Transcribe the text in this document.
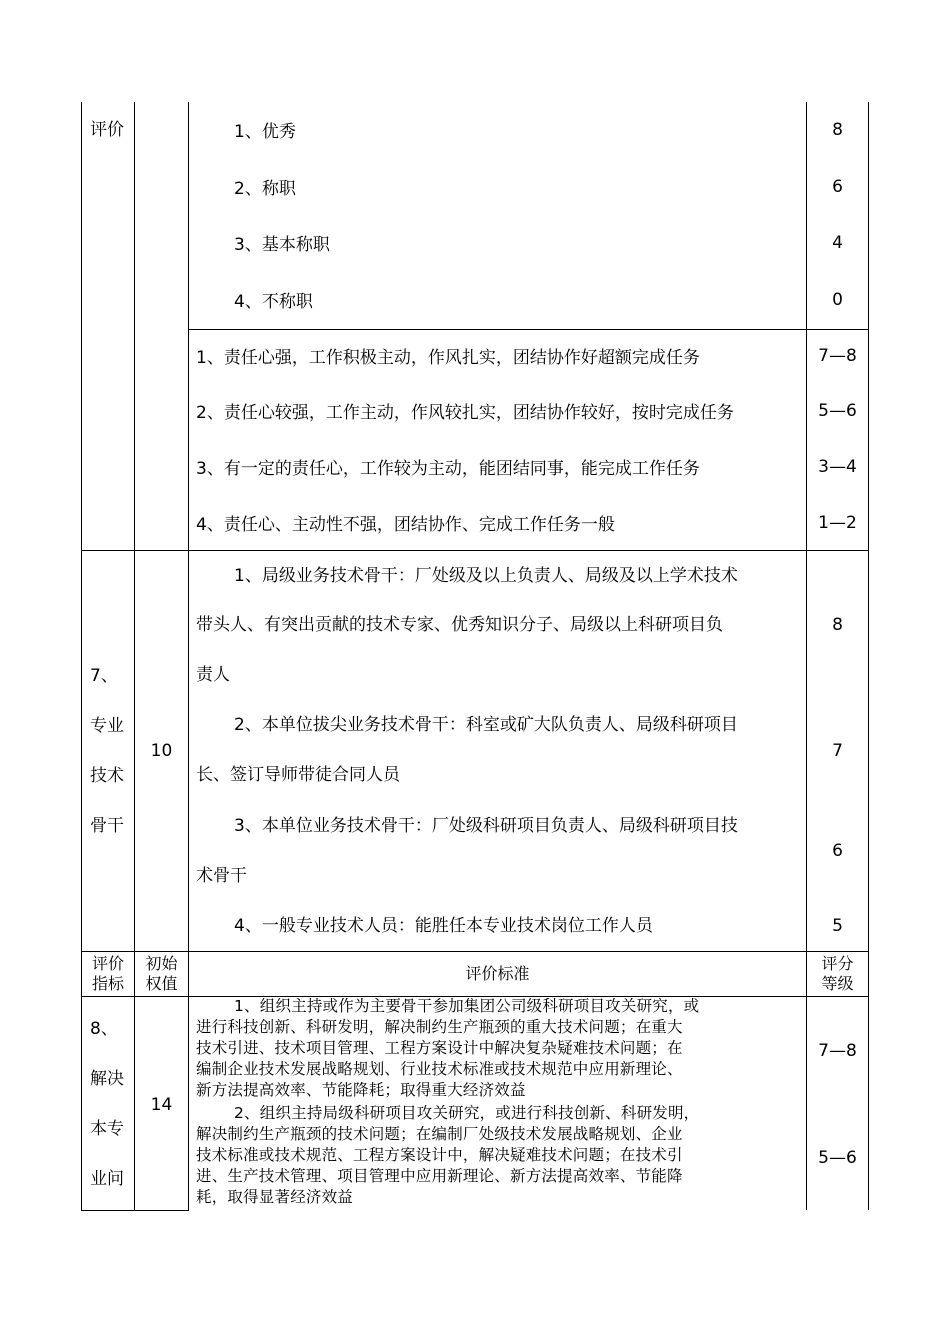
评价	1、优秀
2、称职
3、基本称职
4、不称职
8
6
4
0
1、责任心强，工作积极主动，作风扎实，团结协作好超额完成任务
2、责任心较强，工作主动，作风较扎实，团结协作较好，按时完成任务
3、有一定的责任心，工作较为主动，能团结同事，能完成工作任务
4、责任心、主动性不强，团结协作、完成工作任务一般
7—8
5—6
3—4
1—2
7、
专业
技术
骨干
10
1、局级业务技术骨干：厂处级及以上负责人、局级及以上学术技术
带头人、有突出贡献的技术专家、优秀知识分子、局级以上科研项目负
责人
2、本单位拔尖业务技术骨干：科室或矿大队负责人、局级科研项目
长、签订导师带徒合同人员
3、本单位业务技术骨干：厂处级科研项目负责人、局级科研项目技
术骨干
4、一般专业技术人员：能胜任本专业技术岗位工作人员
8
7
6
5
评价
指标
初始
权值
评价标准
评分
等级
8、
解决
本专
业问
14
1、组织主持或作为主要骨干参加集团公司级科研项目攻关研究，或
进行科技创新、科研发明，解决制约生产瓶颈的重大技术问题；在重大
技术引进、技术项目管理、工程方案设计中解决复杂疑难技术问题；在
编制企业技术发展战略规划、行业技术标准或技术规范中应用新理论、
新方法提高效率、节能降耗；取得重大经济效益
2、组织主持局级科研项目攻关研究，或进行科技创新、科研发明，
解决制约生产瓶颈的技术问题；在编制厂处级技术发展战略规划、企业
技术标准或技术规范、工程方案设计中，解决疑难技术问题；在技术引
进、生产技术管理、项目管理中应用新理论、新方法提高效率、节能降
耗，取得显著经济效益
7—8
5—6
